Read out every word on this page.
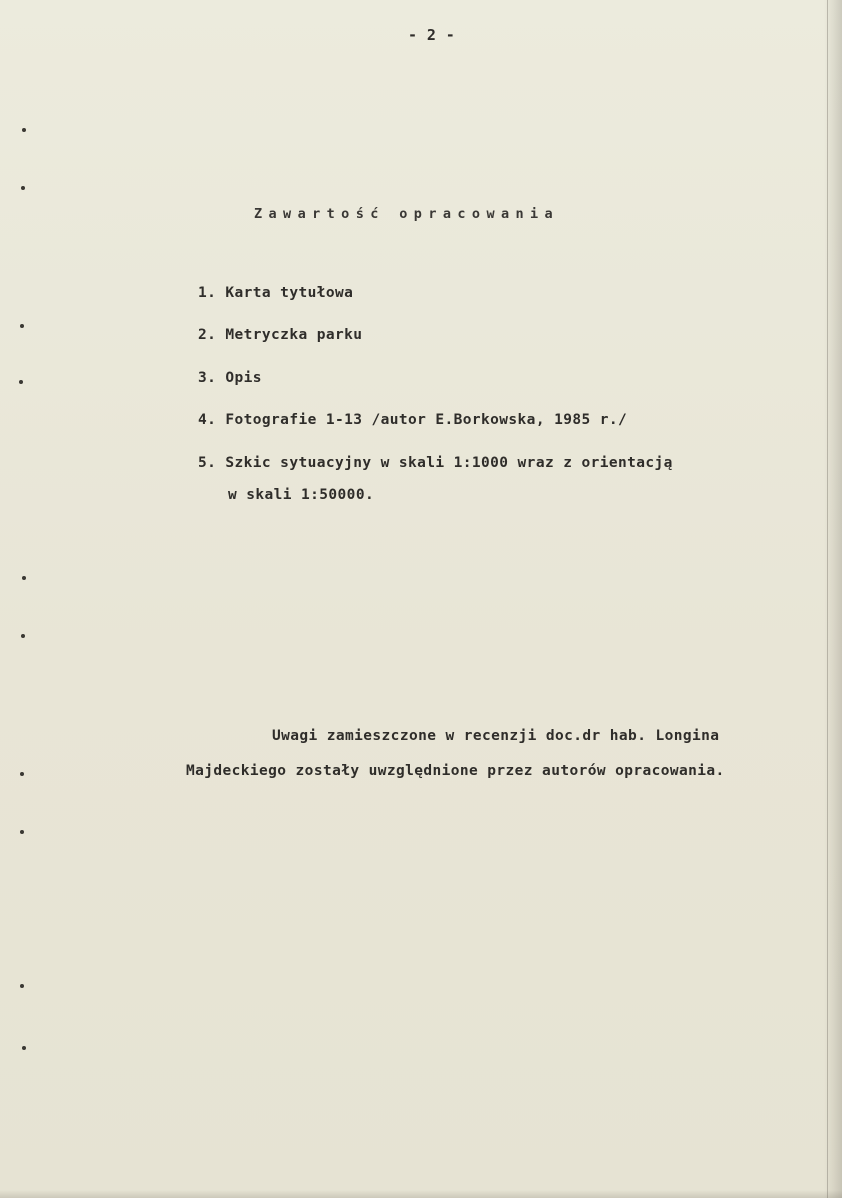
- 2 -
Zawartość opracowania
1. Karta tytułowa
2. Metryczka parku
3. Opis
4. Fotografie 1-13 /autor E.Borkowska, 1985 r./
5. Szkic sytuacyjny w skali 1:1000 wraz z orientacją
w skali 1:50000.
Uwagi zamieszczone w recenzji doc.dr hab. Longina
Majdeckiego zostały uwzględnione przez autorów opracowania.
